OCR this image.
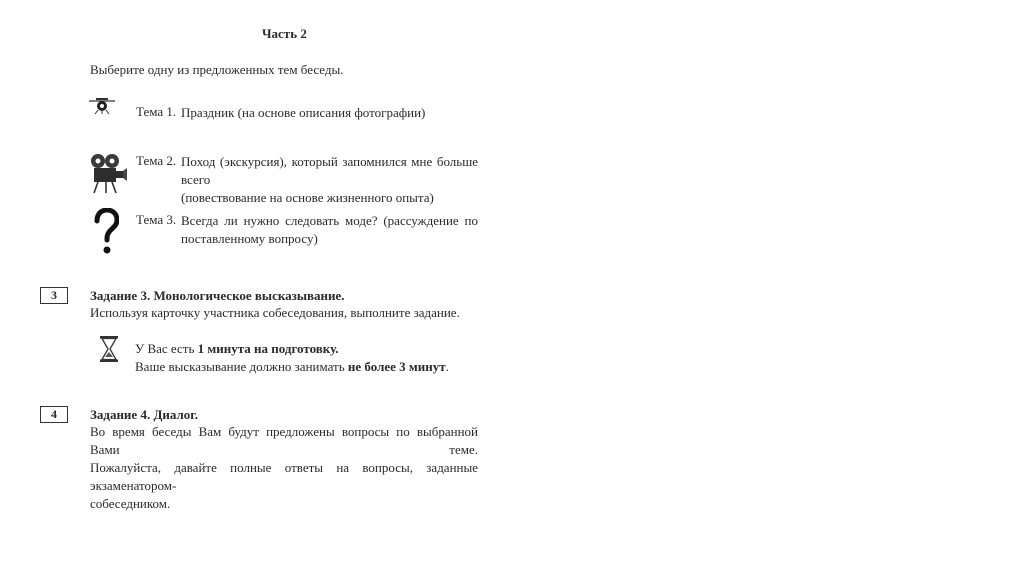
Часть 2
Выберите одну из предложенных тем беседы.
Тема 1. Праздник (на основе описания фотографии)
Тема 2. Поход (экскурсия), который запомнился мне больше всего
(повествование на основе жизненного опыта)
Тема 3. Всегда ли нужно следовать моде? (рассуждение по
поставленному вопросу)
3	Задание 3. Монологическое высказывание.
Используя карточку участника собеседования, выполните задание.
У Вас есть 1 минута на подготовку.
Ваше высказывание должно занимать не более 3 минут.
4	Задание 4. Диалог.
Во время беседы Вам будут предложены вопросы по выбранной Вами теме.
Пожалуйста, давайте полные ответы на вопросы, заданные экзаменатором-
собеседником.
